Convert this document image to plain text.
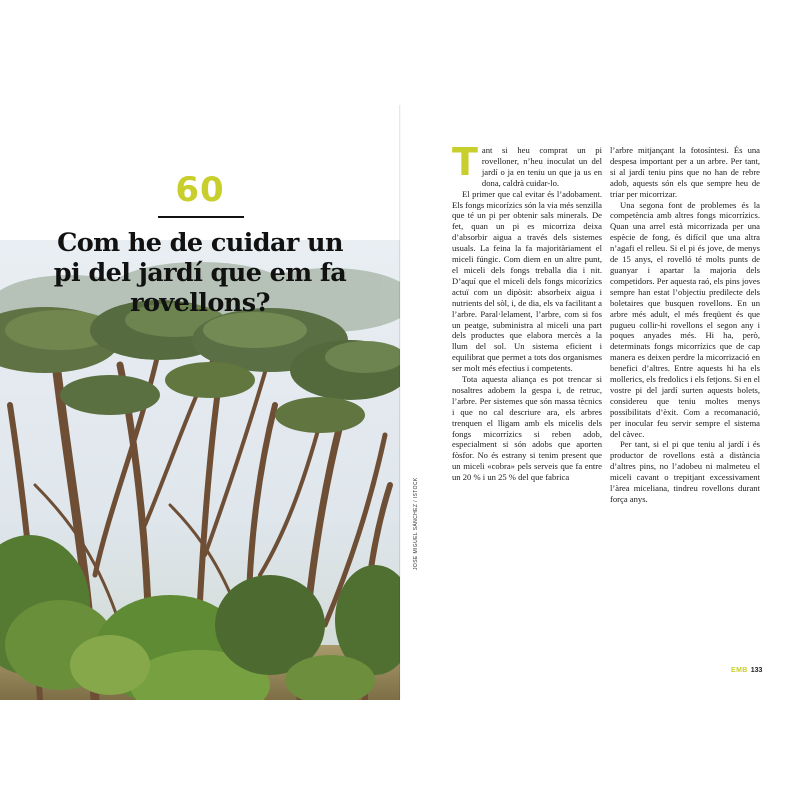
60
Com he de cuidar un pi del jardí que em fa rovellons?
JOSE MIGUEL SÁNCHEZ / ISTOCK

Tant si heu comprat un pi rovelloner, n’heu inoculat un del jardí o ja en teniu un que ja us en dona, caldrà cuidar-lo.

El primer que cal evitar és l’adobament. Els fongs micorízics són la via més senzilla que té un pi per obtenir sals minerals. De fet, quan un pi es micorriza deixa d’absorbir aigua a través dels sistemes usuals. La feina la fa majoritàriament el miceli fúngic. Com diem en un altre punt, el miceli dels fongs treballa dia i nit. D’aquí que el miceli dels fongs micorízics actuï com un dipòsit: absorbeix aigua i nutrients del sòl, i, de dia, els va facilitant a l’arbre. Paral·lelament, l’arbre, com si fos un peatge, subministra al miceli una part dels productes que elabora mercès a la llum del sol. Un sistema eficient i equilibrat que permet a tots dos organismes ser molt més efectius i competents.

Tota aquesta aliança es pot trencar si nosaltres adobem la gespa i, de retruc, l’arbre. Per sistemes que són massa tècnics i que no cal descriure ara, els arbres trenquen el lligam amb els micelis dels fongs micorrízics si reben adob, especialment si són adobs que aporten fòsfor. No és estrany si tenim present que un miceli «cobra» pels serveis que fa entre un 20 % i un 25 % del que fabrica

l’arbre mitjançant la fotosíntesi. És una despesa important per a un arbre. Per tant, si al jardí teniu pins que no han de rebre adob, aquests són els que sempre heu de triar per micorrizar.

Una segona font de problemes és la competència amb altres fongs micorrízics. Quan una arrel està micorrizada per una espècie de fong, és difícil que una altra n’agafi el relleu. Si el pi és jove, de menys de 15 anys, el rovelló té molts punts de guanyar i apartar la majoria dels competidors. Per aquesta raó, els pins joves sempre han estat l’objectiu predilecte dels boletaires que busquen rovellons. En un arbre més adult, el més freqüent és que pugueu collir-hi rovellons el segon any i poques anyades més. Hi ha, però, determinats fongs micorrízics que de cap manera es deixen perdre la micorrizació en benefici d’altres. Entre aquests hi ha els mollerics, els fredolics i els fetjons. Si en el vostre pi del jardí surten aquests bolets, considereu que teniu moltes menys possibilitats d’èxit. Com a recomanació, per inocular feu servir sempre el sistema del càvec.

Per tant, si el pi que teniu al jardí i és productor de rovellons està a distància d’altres pins, no l’adobeu ni malmeteu el miceli cavant o trepitjant excessivament l’àrea miceliana, tindreu rovellons durant força anys.

EMB 133
